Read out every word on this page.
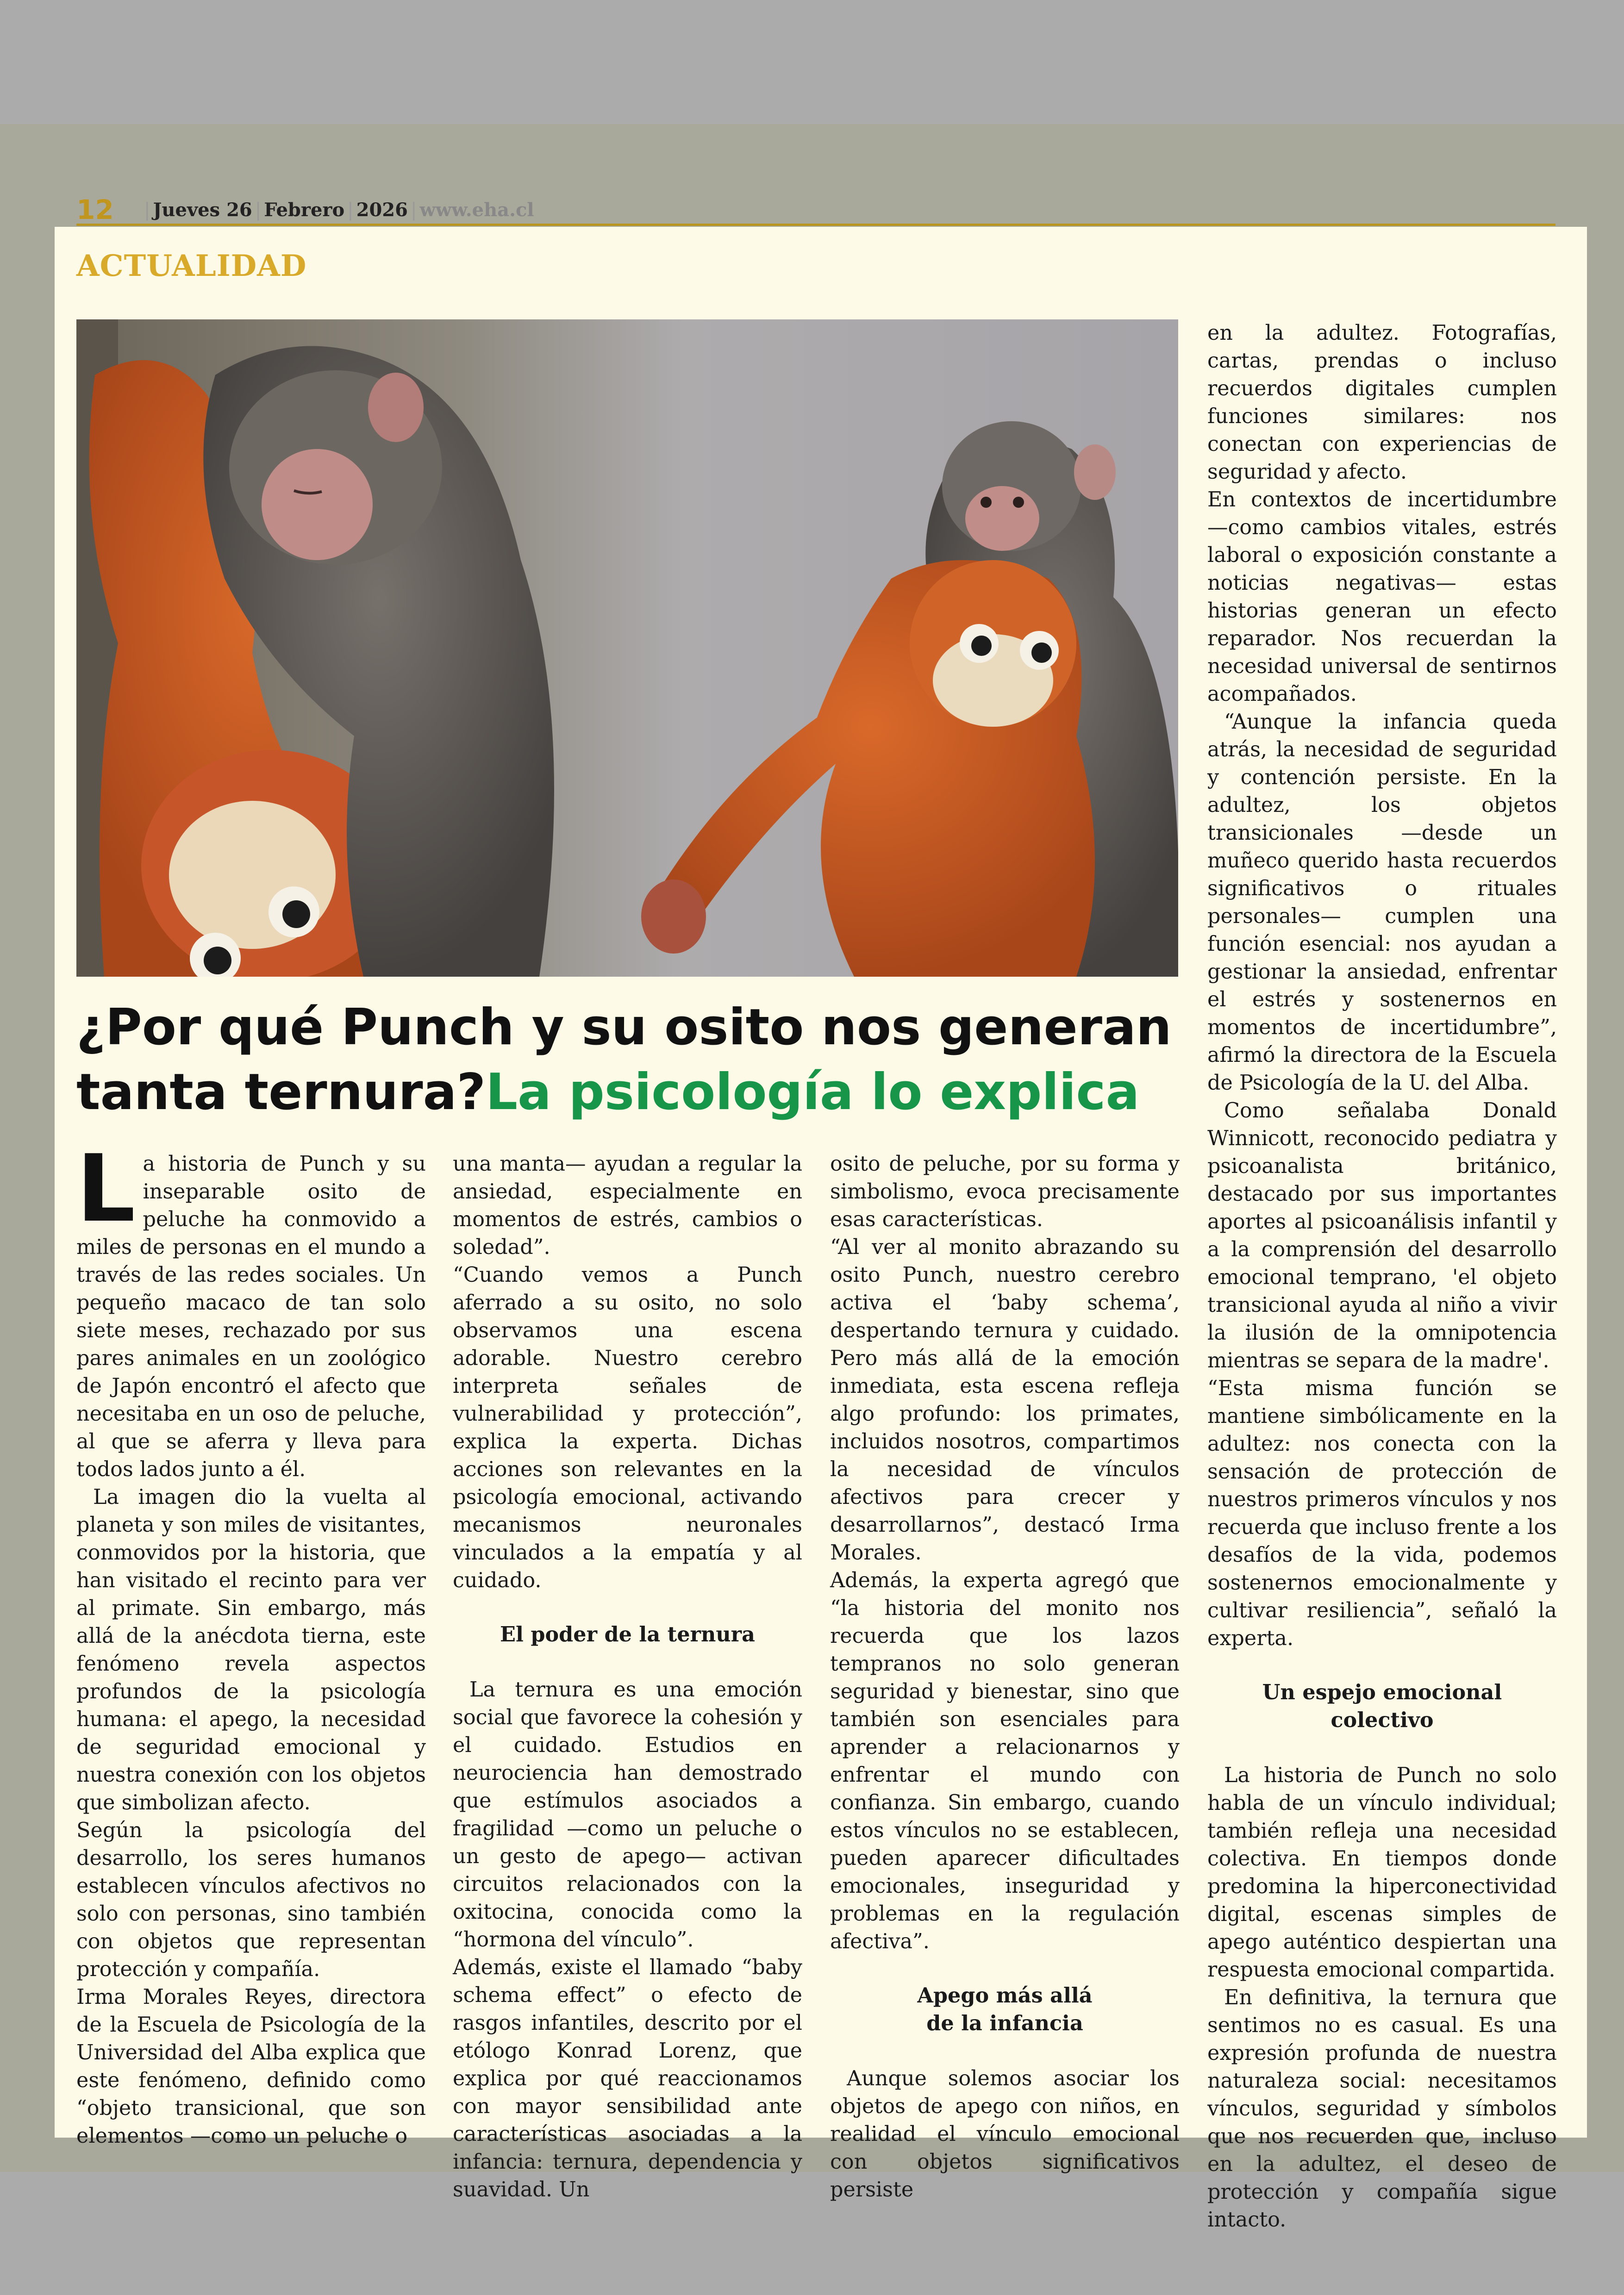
12 | Jueves 26 | Febrero | 2026 | www.eha.cl
ACTUALIDAD
¿Por qué Punch y su osito nos generan tanta ternura?La psicología lo explica
L a historia de Punch y su inseparable osito de peluche ha conmovido a miles de personas en el mundo a través de las redes sociales. Un pequeño macaco de tan solo siete meses, rechazado por sus pares animales en un zoológico de Japón encontró el afecto que necesitaba en un oso de peluche, al que se aferra y lleva para todos lados junto a él.

La imagen dio la vuelta al planeta y son miles de visitantes, conmovidos por la historia, que han visitado el recinto para ver al primate. Sin embargo, más allá de la anécdota tierna, este fenómeno revela aspectos profundos de la psicología humana: el apego, la necesidad de seguridad emocional y nuestra conexión con los objetos que simbolizan afecto.

Según la psicología del desarrollo, los seres humanos establecen vínculos afectivos no solo con personas, sino también con objetos que representan protección y compañía.

Irma Morales Reyes, directora de la Escuela de Psicología de la Universidad del Alba explica que este fenómeno, definido como “objeto transicional, que son elementos —como un peluche o

una manta— ayudan a regular la ansiedad, especialmente en momentos de estrés, cambios o soledad”.

“Cuando vemos a Punch aferrado a su osito, no solo observamos una escena adorable. Nuestro cerebro interpreta señales de vulnerabilidad y protección”, explica la experta. Dichas acciones son relevantes en la psicología emocional, activando mecanismos neuronales vinculados a la empatía y al cuidado.

El poder de la ternura

La ternura es una emoción social que favorece la cohesión y el cuidado. Estudios en neurociencia han demostrado que estímulos asociados a fragilidad —como un peluche o un gesto de apego— activan circuitos relacionados con la oxitocina, conocida como la “hormona del vínculo”.

Además, existe el llamado “baby schema effect” o efecto de rasgos infantiles, descrito por el etólogo Konrad Lorenz, que explica por qué reaccionamos con mayor sensibilidad ante características asociadas a la infancia: ternura, dependencia y suavidad. Un

osito de peluche, por su forma y simbolismo, evoca precisamente esas características.

“Al ver al monito abrazando su osito Punch, nuestro cerebro activa el ‘baby schema’, despertando ternura y cuidado. Pero más allá de la emoción inmediata, esta escena refleja algo profundo: los primates, incluidos nosotros, compartimos la necesidad de vínculos afectivos para crecer y desarrollarnos”, destacó Irma Morales.

Además, la experta agregó que “la historia del monito nos recuerda que los lazos tempranos no solo generan seguridad y bienestar, sino que también son esenciales para aprender a relacionarnos y enfrentar el mundo con confianza. Sin embargo, cuando estos vínculos no se establecen, pueden aparecer dificultades emocionales, inseguridad y problemas en la regulación afectiva”.

Apego más allá
de la infancia

Aunque solemos asociar los objetos de apego con niños, en realidad el vínculo emocional con objetos significativos persiste

en la adultez. Fotografías, cartas, prendas o incluso recuerdos digitales cumplen funciones similares: nos conectan con experiencias de seguridad y afecto.

En contextos de incertidumbre —como cambios vitales, estrés laboral o exposición constante a noticias negativas— estas historias generan un efecto reparador. Nos recuerdan la necesidad universal de sentirnos acompañados.

“Aunque la infancia queda atrás, la necesidad de seguridad y contención persiste. En la adultez, los objetos transicionales —desde un muñeco querido hasta recuerdos significativos o rituales personales— cumplen una función esencial: nos ayudan a gestionar la ansiedad, enfrentar el estrés y sostenernos en momentos de incertidumbre”, afirmó la directora de la Escuela de Psicología de la U. del Alba.

Como señalaba Donald Winnicott, reconocido pediatra y psicoanalista británico, destacado por sus importantes aportes al psicoanálisis infantil y a la comprensión del desarrollo emocional temprano, 'el objeto transicional ayuda al niño a vivir la ilusión de la omnipotencia mientras se separa de la madre'.

“Esta misma función se mantiene simbólicamente en la adultez: nos conecta con la sensación de protección de nuestros primeros vínculos y nos recuerda que incluso frente a los desafíos de la vida, podemos sostenernos emocionalmente y cultivar resiliencia”, señaló la experta.

Un espejo emocional
colectivo

La historia de Punch no solo habla de un vínculo individual; también refleja una necesidad colectiva. En tiempos donde predomina la hiperconectividad digital, escenas simples de apego auténtico despiertan una respuesta emocional compartida.

En definitiva, la ternura que sentimos no es casual. Es una expresión profunda de nuestra naturaleza social: necesitamos vínculos, seguridad y símbolos que nos recuerden que, incluso en la adultez, el deseo de protección y compañía sigue intacto.
